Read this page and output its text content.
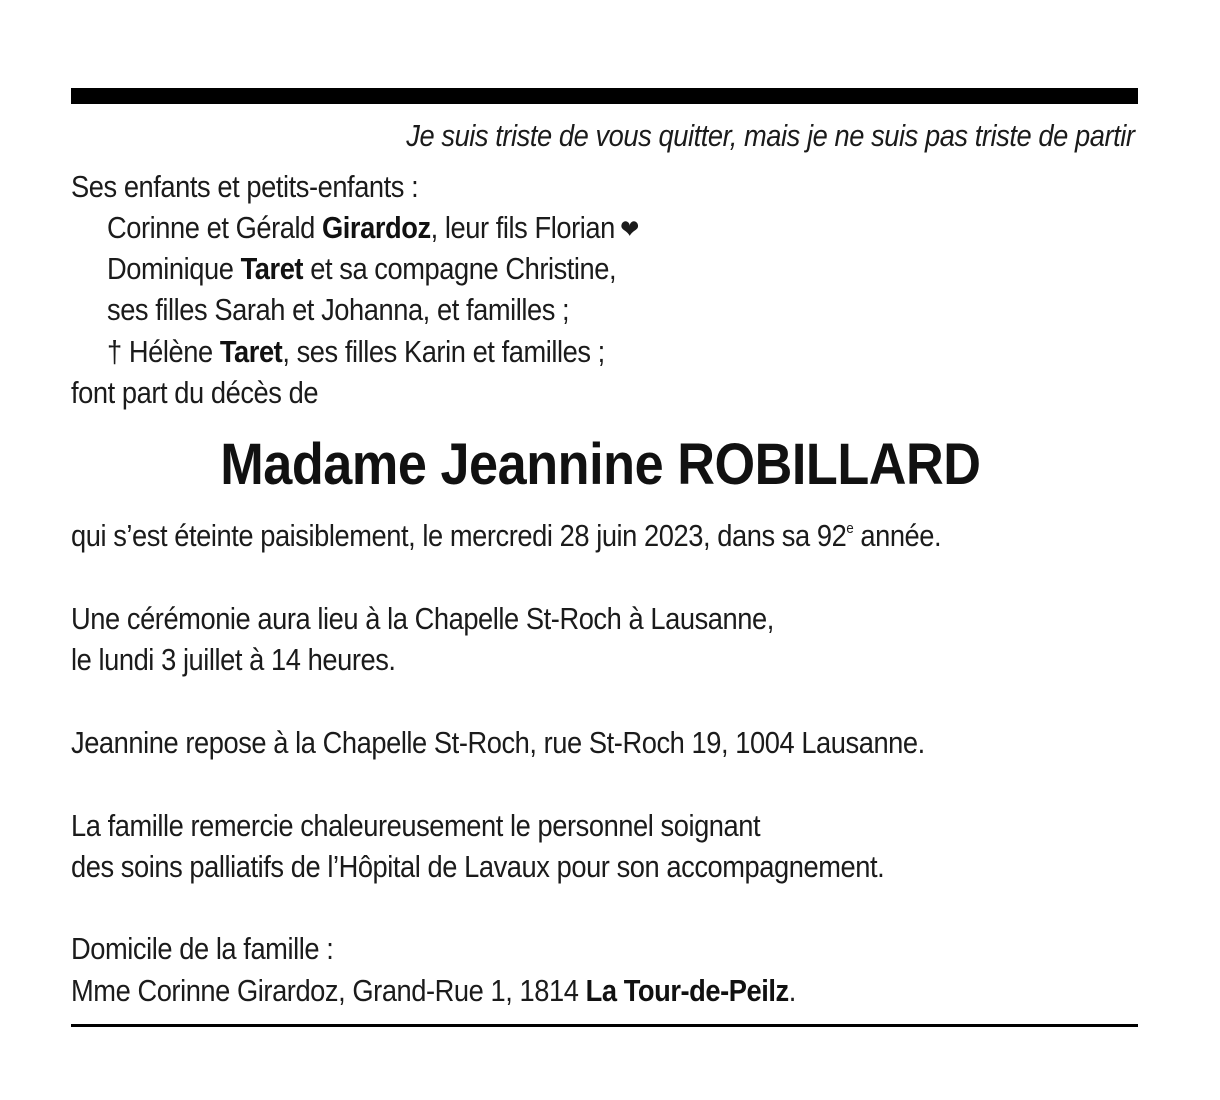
Je suis triste de vous quitter, mais je ne suis pas triste de partir
Ses enfants et petits-enfants :
Corinne et Gérald Girardoz, leur fils Florian ❤
Dominique Taret et sa compagne Christine,
ses filles Sarah et Johanna, et familles ;
† Hélène Taret, ses filles Karin et familles ;
font part du décès de
Madame Jeannine ROBILLARD
qui s’est éteinte paisiblement, le mercredi 28 juin 2023, dans sa 92e année.
Une cérémonie aura lieu à la Chapelle St-Roch à Lausanne,
le lundi 3 juillet à 14 heures.
Jeannine repose à la Chapelle St-Roch, rue St-Roch 19, 1004 Lausanne.
La famille remercie chaleureusement le personnel soignant
des soins palliatifs de l’Hôpital de Lavaux pour son accompagnement.
Domicile de la famille :
Mme Corinne Girardoz, Grand-Rue 1, 1814 La Tour-de-Peilz.
